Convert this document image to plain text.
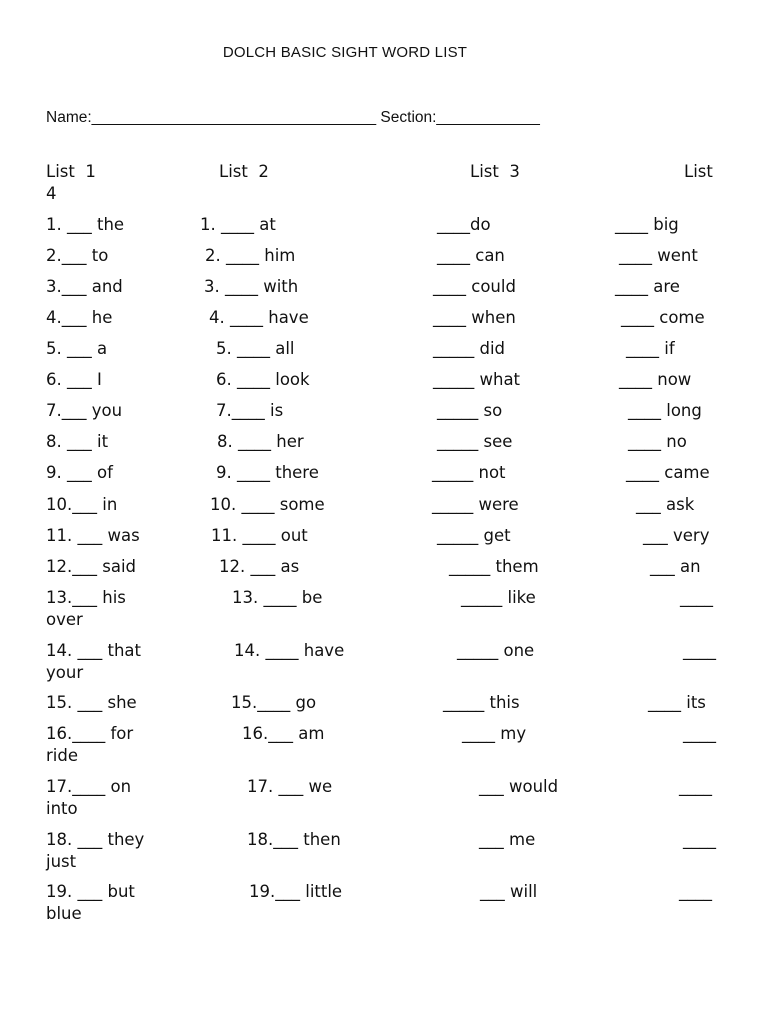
DOLCH BASIC SIGHT WORD LIST
Name:_________________________________ Section:____________
List  1	List  2	List  3	List
4
1. ___ the	1. ____ at	____do	____ big
2.___ to	2. ____ him	____ can	____ went
3.___ and	3. ____ with	____ could	____ are
4.___ he	4. ____ have	____ when	____ come
5. ___ a	5. ____ all	_____ did	____ if
6. ___ I	6. ____ look	_____ what	____ now
7.___ you	7.____ is	_____ so	____ long
8. ___ it	8. ____ her	_____ see	____ no
9. ___ of	9. ____ there	_____ not	____ came
10.___ in	10. ____ some	_____ were	___ ask
11. ___ was	11. ____ out	_____ get	___ very
12.___ said	12. ___ as	_____ them	___ an
13.___ his	13. ____ be	_____ like	____
over
14. ___ that	14. ____ have	_____ one	____
your
15. ___ she	15.____ go	_____ this	____ its
16.____ for	16.___ am	____ my	____
ride
17.____ on	17. ___ we	___ would	____
into
18. ___ they	18.___ then	___ me	____
just
19. ___ but	19.___ little	___ will	____
blue
